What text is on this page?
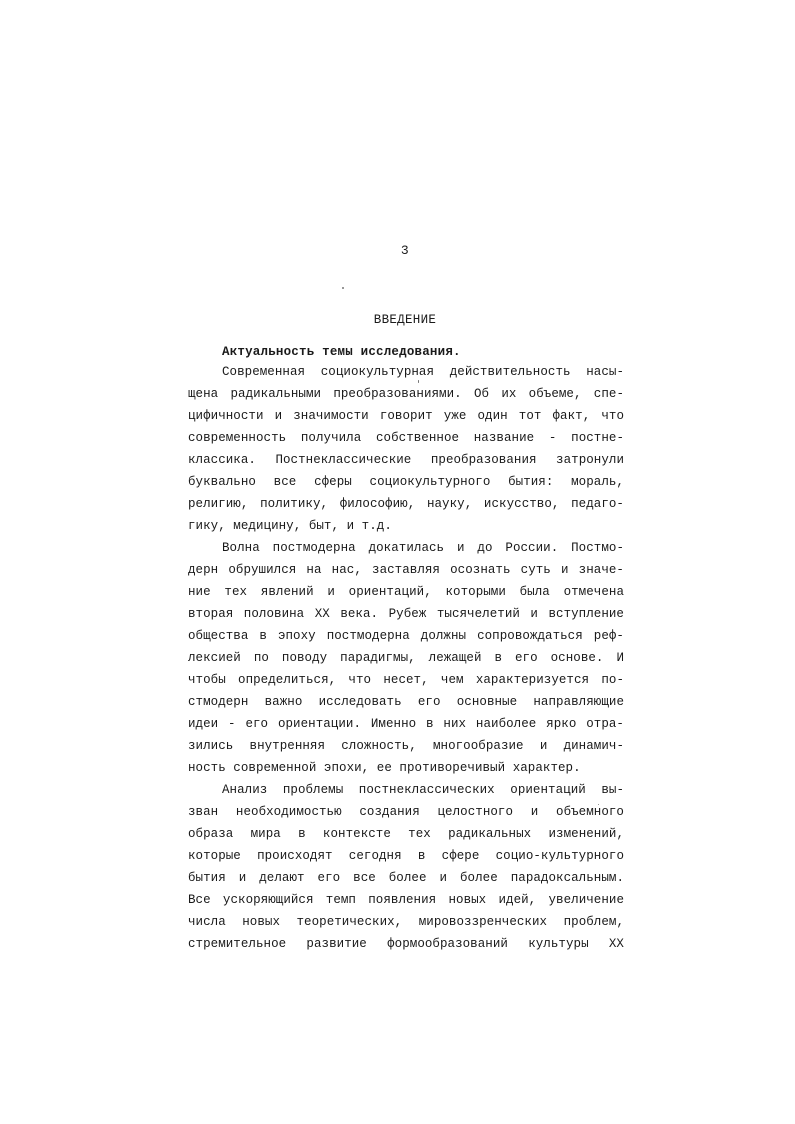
3
ВВЕДЕНИЕ
Актуальность темы исследования.
Современная социокультурная действительность насы-
щена радикальными преобразованиями. Об их объеме, спе-
цифичности и значимости говорит уже один тот факт, что
современность получила собственное название - постне-
классика. Постнеклассические преобразования затронули
буквально все сферы социокультурного бытия: мораль,
религию, политику, философию, науку, искусство, педаго-
гику, медицину, быт, и т.д.
Волна постмодерна докатилась и до России. Постмо-
дерн обрушился на нас, заставляя осознать суть и значе-
ние тех явлений и ориентаций, которыми была отмечена
вторая половина XX века. Рубеж тысячелетий и вступление
общества в эпоху постмодерна должны сопровождаться реф-
лексией по поводу парадигмы, лежащей в его основе. И
чтобы определиться, что несет, чем характеризуется по-
стмодерн важно исследовать его основные направляющие
идеи - его ориентации. Именно в них наиболее ярко отра-
зились внутренняя сложность, многообразие и динамич-
ность современной эпохи, ее противоречивый характер.
Анализ проблемы постнеклассических ориентаций вы-
зван необходимостью создания целостного и объемного
образа мира в контексте тех радикальных изменений,
которые происходят сегодня в сфере социо-культурного
бытия и делают его все более и более парадоксальным.
Все ускоряющийся темп появления новых идей, увеличение
числа новых теоретических, мировоззренческих проблем,
стремительное развитие формообразований культуры XX
